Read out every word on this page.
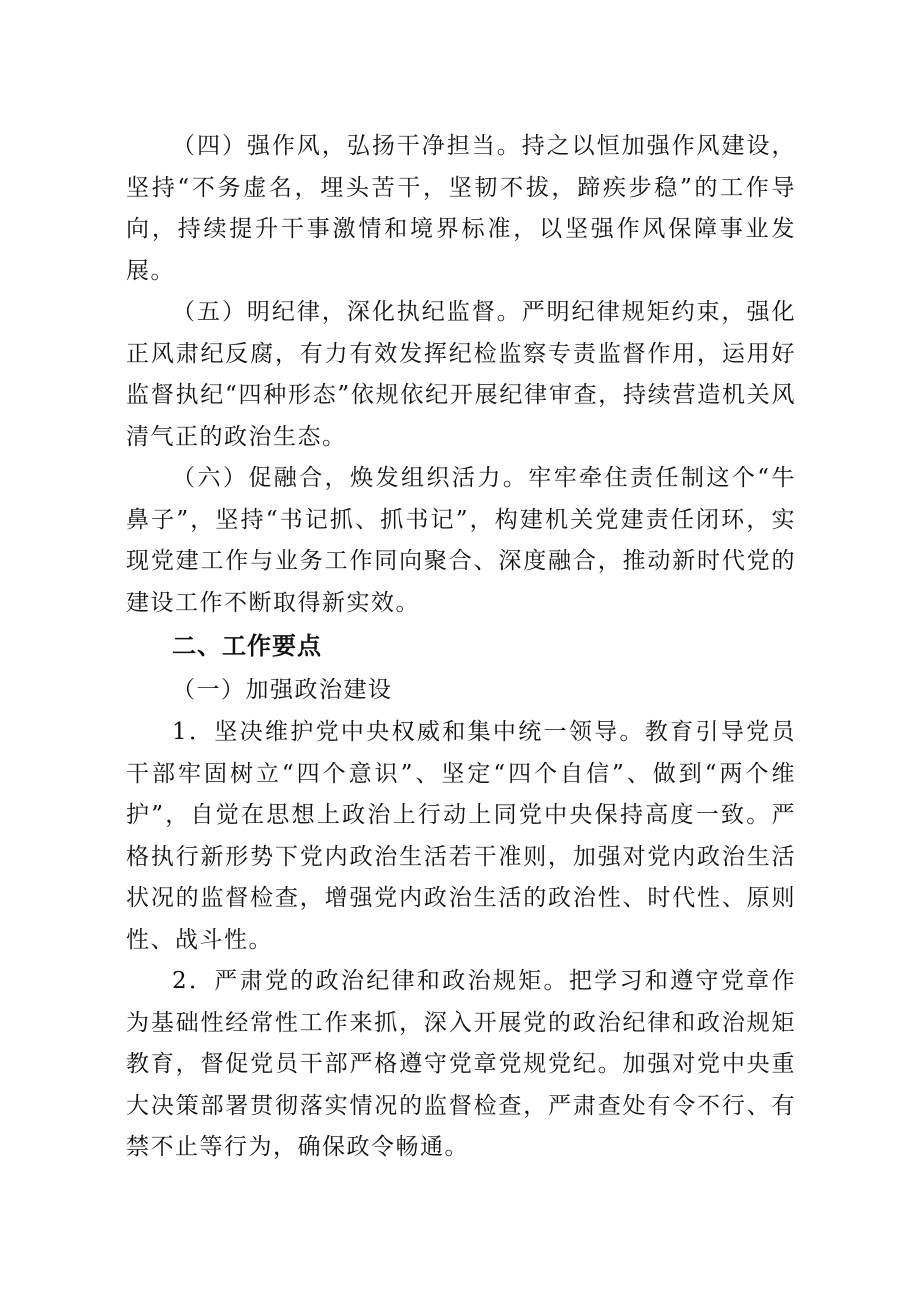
（四）强作风，弘扬干净担当。持之以恒加强作风建设，坚持“不务虚名，埋头苦干，坚韧不拔，蹄疾步稳”的工作导向，持续提升干事激情和境界标准，以坚强作风保障事业发展。

（五）明纪律，深化执纪监督。严明纪律规矩约束，强化正风肃纪反腐，有力有效发挥纪检监察专责监督作用，运用好监督执纪“四种形态”依规依纪开展纪律审查，持续营造机关风清气正的政治生态。

（六）促融合，焕发组织活力。牢牢牵住责任制这个“牛鼻子”，坚持“书记抓、抓书记”，构建机关党建责任闭环，实现党建工作与业务工作同向聚合、深度融合，推动新时代党的建设工作不断取得新实效。

二、工作要点

（一）加强政治建设

1．坚决维护党中央权威和集中统一领导。教育引导党员干部牢固树立“四个意识”、坚定“四个自信”、做到“两个维护”，自觉在思想上政治上行动上同党中央保持高度一致。严格执行新形势下党内政治生活若干准则，加强对党内政治生活状况的监督检查，增强党内政治生活的政治性、时代性、原则性、战斗性。

2．严肃党的政治纪律和政治规矩。把学习和遵守党章作为基础性经常性工作来抓，深入开展党的政治纪律和政治规矩教育，督促党员干部严格遵守党章党规党纪。加强对党中央重大决策部署贯彻落实情况的监督检查，严肃查处有令不行、有禁不止等行为，确保政令畅通。
